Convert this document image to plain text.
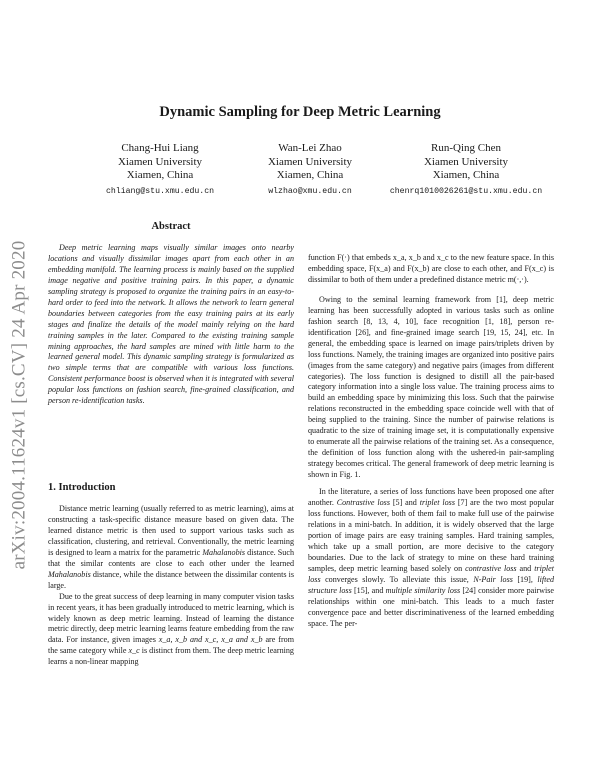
arXiv:2004.11624v1 [cs.CV] 24 Apr 2020
Dynamic Sampling for Deep Metric Learning
Chang-Hui Liang
Xiamen University
Xiamen, China
chliang@stu.xmu.edu.cn
Wan-Lei Zhao
Xiamen University
Xiamen, China
wlzhao@xmu.edu.cn
Run-Qing Chen
Xiamen University
Xiamen, China
chenrq1010026261@stu.xmu.edu.cn
Abstract

Deep metric learning maps visually similar images onto nearby locations and visually dissimilar images apart from each other in an embedding manifold. The learning process is mainly based on the supplied image negative and positive training pairs. In this paper, a dynamic sampling strategy is proposed to organize the training pairs in an easy-to-hard order to feed into the network. It allows the network to learn general boundaries between categories from the easy training pairs at its early stages and finalize the details of the model mainly relying on the hard training samples in the later. Compared to the existing training sample mining approaches, the hard samples are mined with little harm to the learned general model. This dynamic sampling strategy is formularized as two simple terms that are compatible with various loss functions. Consistent performance boost is observed when it is integrated with several popular loss functions on fashion search, fine-grained classification, and person re-identification tasks.

1. Introduction

Distance metric learning (usually referred to as metric learning), aims at constructing a task-specific distance measure based on given data. The learned distance metric is then used to support various tasks such as classification, clustering, and retrieval. Conventionally, the metric learning is designed to learn a matrix for the parametric Mahalanobis distance. Such that the similar contents are close to each other under the learned Mahalanobis distance, while the distance between the dissimilar contents is large.

Due to the great success of deep learning in many computer vision tasks in recent years, it has been gradually introduced to metric learning, which is widely known as deep metric learning. Instead of learning the distance metric directly, deep metric learning learns feature embedding from the raw data. For instance, given images x_a, x_b and x_c, x_a and x_b are from the same category while x_c is distinct from them. The deep metric learning learns a non-linear mapping

function F(·) that embeds x_a, x_b and x_c to the new feature space. In this embedding space, F(x_a) and F(x_b) are close to each other, and F(x_c) is dissimilar to both of them under a predefined distance metric m(·,·).

Owing to the seminal learning framework from [1], deep metric learning has been successfully adopted in various tasks such as online fashion search [8, 13, 4, 10], face recognition [1, 18], person re-identification [26], and fine-grained image search [19, 15, 24], etc. In general, the embedding space is learned on image pairs/triplets driven by loss functions. Namely, the training images are organized into positive pairs (images from the same category) and negative pairs (images from different categories). The loss function is designed to distill all the pair-based category information into a single loss value. The training process aims to build an embedding space by minimizing this loss. Such that the pairwise relations reconstructed in the embedding space coincide well with that of being supplied to the training. Since the number of pairwise relations is quadratic to the size of training image set, it is computationally expensive to enumerate all the pairwise relations of the training set. As a consequence, the definition of loss function along with the ushered-in pair-sampling strategy becomes critical. The general framework of deep metric learning is shown in Fig. 1.

In the literature, a series of loss functions have been proposed one after another. Contrastive loss [5] and triplet loss [7] are the two most popular loss functions. However, both of them fail to make full use of the pairwise relations in a mini-batch. In addition, it is widely observed that the large portion of image pairs are easy training samples. Hard training samples, which take up a small portion, are more decisive to the category boundaries. Due to the lack of strategy to mine on these hard training samples, deep metric learning based solely on contrastive loss and triplet loss converges slowly. To alleviate this issue, N-Pair loss [19], lifted structure loss [15], and multiple similarity loss [24] consider more pairwise relationships within one mini-batch. This leads to a much faster convergence pace and better discriminativeness of the learned embedding space. The per-
